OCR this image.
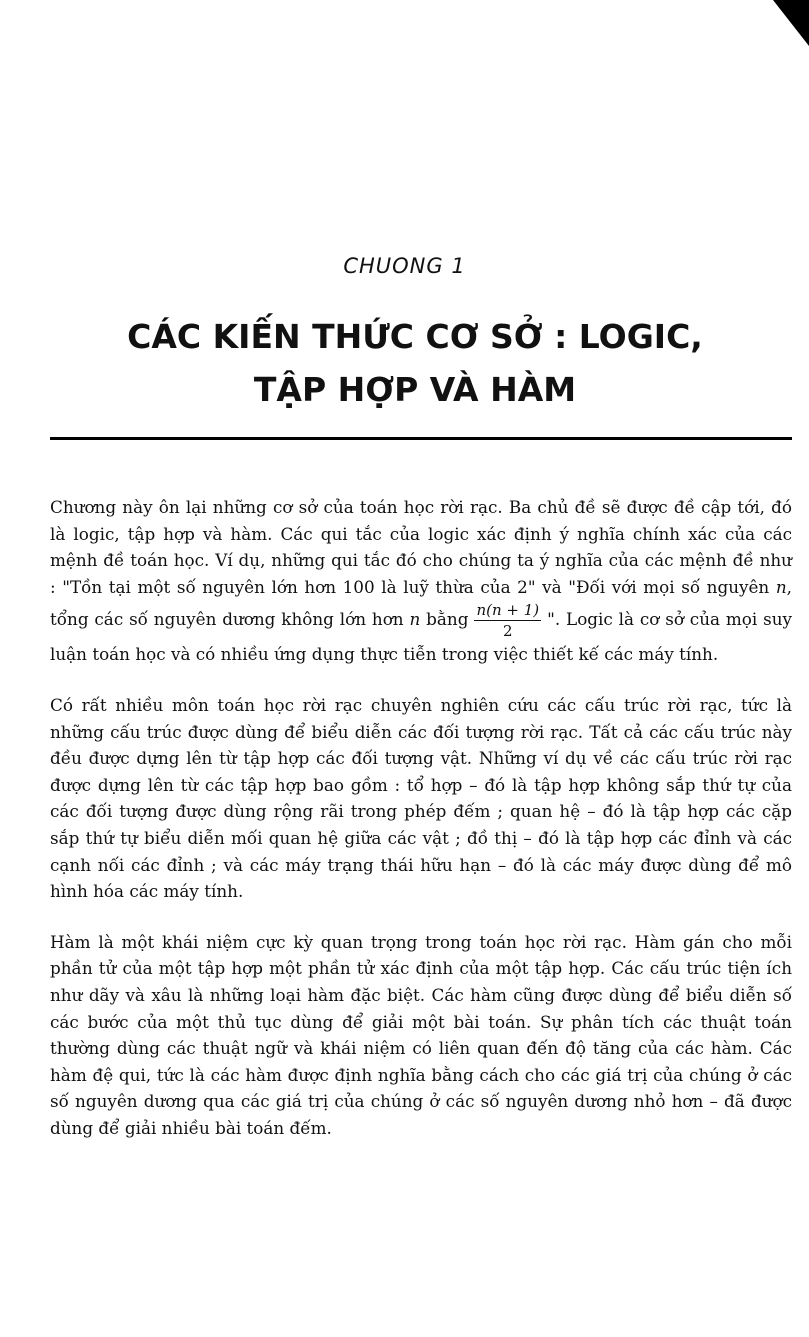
CHUONG 1
CÁC KIẾN THỨC CƠ SỞ : LOGIC,
TẬP HỢP VÀ HÀM

Chương này ôn lại những cơ sở của toán học rời rạc. Ba chủ đề sẽ được đề cập tới, đó là logic, tập hợp và hàm. Các qui tắc của logic xác định ý nghĩa chính xác của các mệnh đề toán học. Ví dụ, những qui tắc đó cho chúng ta ý nghĩa của các mệnh đề như : "Tồn tại một số nguyên lớn hơn 100 là luỹ thừa của 2" và "Đối với mọi số nguyên n, tổng các số nguyên dương không lớn hơn n bằng $\frac{n(n + 1)}{2}$ ". Logic là cơ sở của mọi suy luận toán học và có nhiều ứng dụng thực tiễn trong việc thiết kế các máy tính.

Có rất nhiều môn toán học rời rạc chuyên nghiên cứu các cấu trúc rời rạc, tức là những cấu trúc được dùng để biểu diễn các đối tượng rời rạc. Tất cả các cấu trúc này đều được dựng lên từ tập hợp các đối tượng vật. Những ví dụ về các cấu trúc rời rạc được dựng lên từ các tập hợp bao gồm : tổ hợp – đó là tập hợp không sắp thứ tự của các đối tượng được dùng rộng rãi trong phép đếm ; quan hệ – đó là tập hợp các cặp sắp thứ tự biểu diễn mối quan hệ giữa các vật ; đồ thị – đó là tập hợp các đỉnh và các cạnh nối các đỉnh ; và các máy trạng thái hữu hạn – đó là các máy được dùng để mô hình hóa các máy tính.

Hàm là một khái niệm cực kỳ quan trọng trong toán học rời rạc. Hàm gán cho mỗi phần tử của một tập hợp một phần tử xác định của một tập hợp. Các cấu trúc tiện ích như dãy và xâu là những loại hàm đặc biệt. Các hàm cũng được dùng để biểu diễn số các bước của một thủ tục dùng để giải một bài toán. Sự phân tích các thuật toán thường dùng các thuật ngữ và khái niệm có liên quan đến độ tăng của các hàm. Các hàm đệ qui, tức là các hàm được định nghĩa bằng cách cho các giá trị của chúng ở các số nguyên dương qua các giá trị của chúng ở các số nguyên dương nhỏ hơn – đã được dùng để giải nhiều bài toán đếm.
